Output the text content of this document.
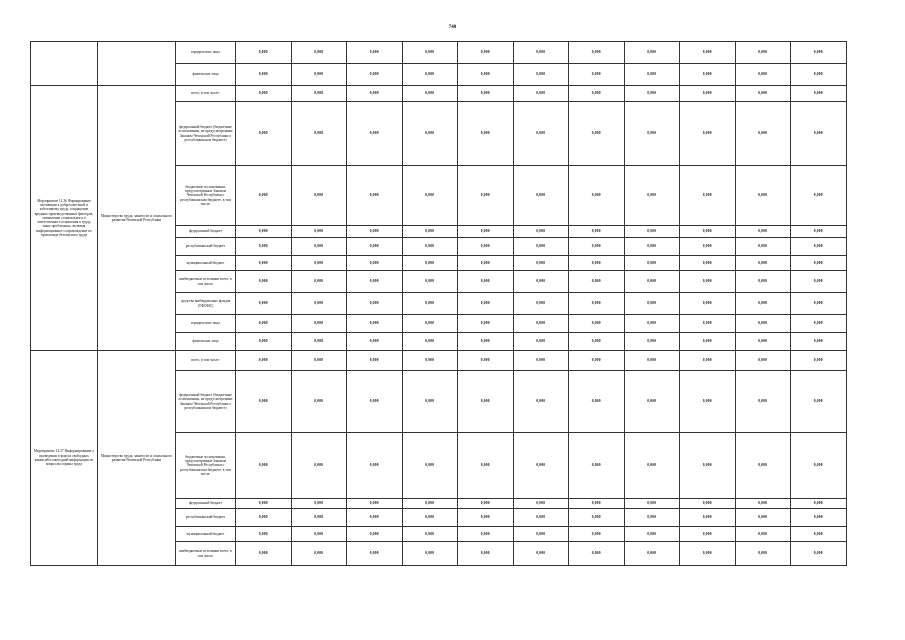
740
		юридические лица	0,000	0,000	0,000	0,000	0,000	0,000	0,000	0,000	0,000	0,000	0,000
		физические лица	0,000	0,000	0,000	0,000	0,000	0,000	0,000	0,000	0,000	0,000	0,000
Мероприятие 12.36 Формирование мотивации к добросовестной и заботливому труду, сокращение вредных производственных факторов, повышение сознательного и ответственного отношения к труду, иных проблемных, включая информационное сопровождение по пропаганде безопасного труда	Министерство труда, занятости и социального развития Чеченской Республики	всего, в том числе:	0,000	0,000	0,000	0,000	0,000	0,000	0,000	0,000	0,000	0,000	0,000
		федеральный бюджет (бюджетные ассигнования, не предусмотренные Законом Чеченской Республики о республиканском бюджете)	0,000	0,000	0,000	0,000	0,000	0,000	0,000	0,000	0,000	0,000	0,000
		бюджетные ассигнования, предусмотренные Законом Чеченской Республики о республиканском бюджете, в том числе:	0,000	0,000	0,000	0,000	0,000	0,000	0,000	0,000	0,000	0,000	0,000
		федеральный бюджет	0,000	0,000	0,000	0,000	0,000	0,000	0,000	0,000	0,000	0,000	0,000
		республиканский бюджет	0,000	0,000	0,000	0,000	0,000	0,000	0,000	0,000	0,000	0,000	0,000
		муниципальный бюджет	0,000	0,000	0,000	0,000	0,000	0,000	0,000	0,000	0,000	0,000	0,000
		внебюджетные источники всего, в том числе:	0,000	0,000	0,000	0,000	0,000	0,000	0,000	0,000	0,000	0,000	0,000
		средства внебюджетных фондов (ТФОМС)	0,000	0,000	0,000	0,000	0,000	0,000	0,000	0,000	0,000	0,000	0,000
		юридические лица	0,000	0,000	0,000	0,000	0,000	0,000	0,000	0,000	0,000	0,000	0,000
		физические лица	0,000	0,000	0,000	0,000	0,000	0,000	0,000	0,000	0,000	0,000	0,000
Мероприятие 12.37 Информирование о проведении в фактах свободных вакансий и ежегодной информации по вопросам охраны труда	Министерство труда, занятости и социального развития Чеченской Республики	всего, в том числе:	0,000	0,000	0,000	0,000	0,000	0,000	0,000	0,000	0,000	0,000	0,000
		федеральный бюджет (бюджетные ассигнования, не предусмотренные Законом Чеченской Республики о республиканском бюджете)	0,000	0,000	0,000	0,000	0,000	0,000	0,000	0,000	0,000	0,000	0,000
		бюджетные ассигнования, предусмотренные Законом Чеченской Республики о республиканском бюджете, в том числе:	0,000	0,000	0,000	0,000	0,000	0,000	0,000	0,000	0,000	0,000	0,000
		федеральный бюджет	0,000	0,000	0,000	0,000	0,000	0,000	0,000	0,000	0,000	0,000	0,000
		республиканский бюджет	0,000	0,000	0,000	0,000	0,000	0,000	0,000	0,000	0,000	0,000	0,000
		муниципальный бюджет	0,000	0,000	0,000	0,000	0,000	0,000	0,000	0,000	0,000	0,000	0,000
		внебюджетные источники всего, в том числе:	0,000	0,000	0,000	0,000	0,000	0,000	0,000	0,000	0,000	0,000	0,000
